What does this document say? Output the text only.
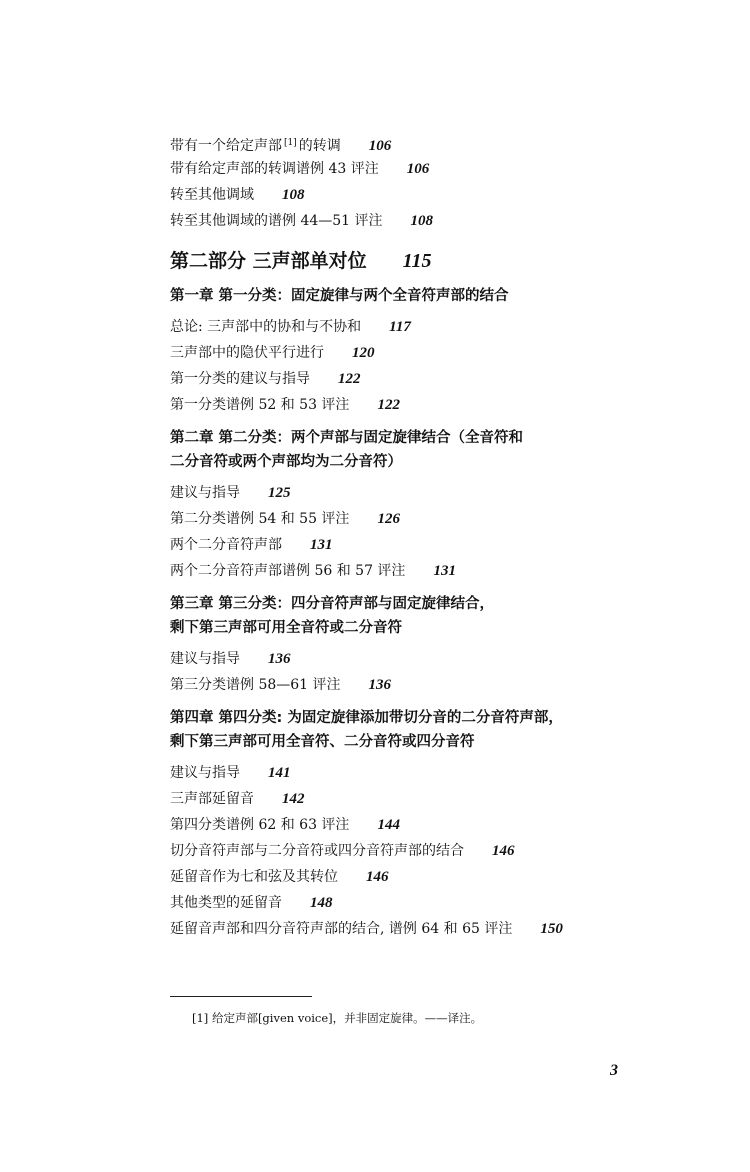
带有一个给定声部 [1] 的转调 106
带有给定声部的转调谱例 43 评注 106
转至其他调域 108
转至其他调域的谱例 44—51 评注 108
第二部分 三声部单对位 115
第一章 第一分类：固定旋律与两个全音符声部的结合
总论: 三声部中的协和与不协和 117
三声部中的隐伏平行进行 120
第一分类的建议与指导 122
第一分类谱例 52 和 53 评注 122
第二章 第二分类：两个声部与固定旋律结合（全音符和
二分音符或两个声部均为二分音符）
建议与指导 125
第二分类谱例 54 和 55 评注 126
两个二分音符声部 131
两个二分音符声部谱例 56 和 57 评注 131
第三章 第三分类：四分音符声部与固定旋律结合，
剩下第三声部可用全音符或二分音符
建议与指导 136
第三分类谱例 58—61 评注 136
第四章 第四分类: 为固定旋律添加带切分音的二分音符声部，
剩下第三声部可用全音符、二分音符或四分音符
建议与指导 141
三声部延留音 142
第四分类谱例 62 和 63 评注 144
切分音符声部与二分音符或四分音符声部的结合 146
延留音作为七和弦及其转位 146
其他类型的延留音 148
延留音声部和四分音符声部的结合, 谱例 64 和 65 评注 150
[1] 给定声部[given voice]，并非固定旋律。——译注。
3
